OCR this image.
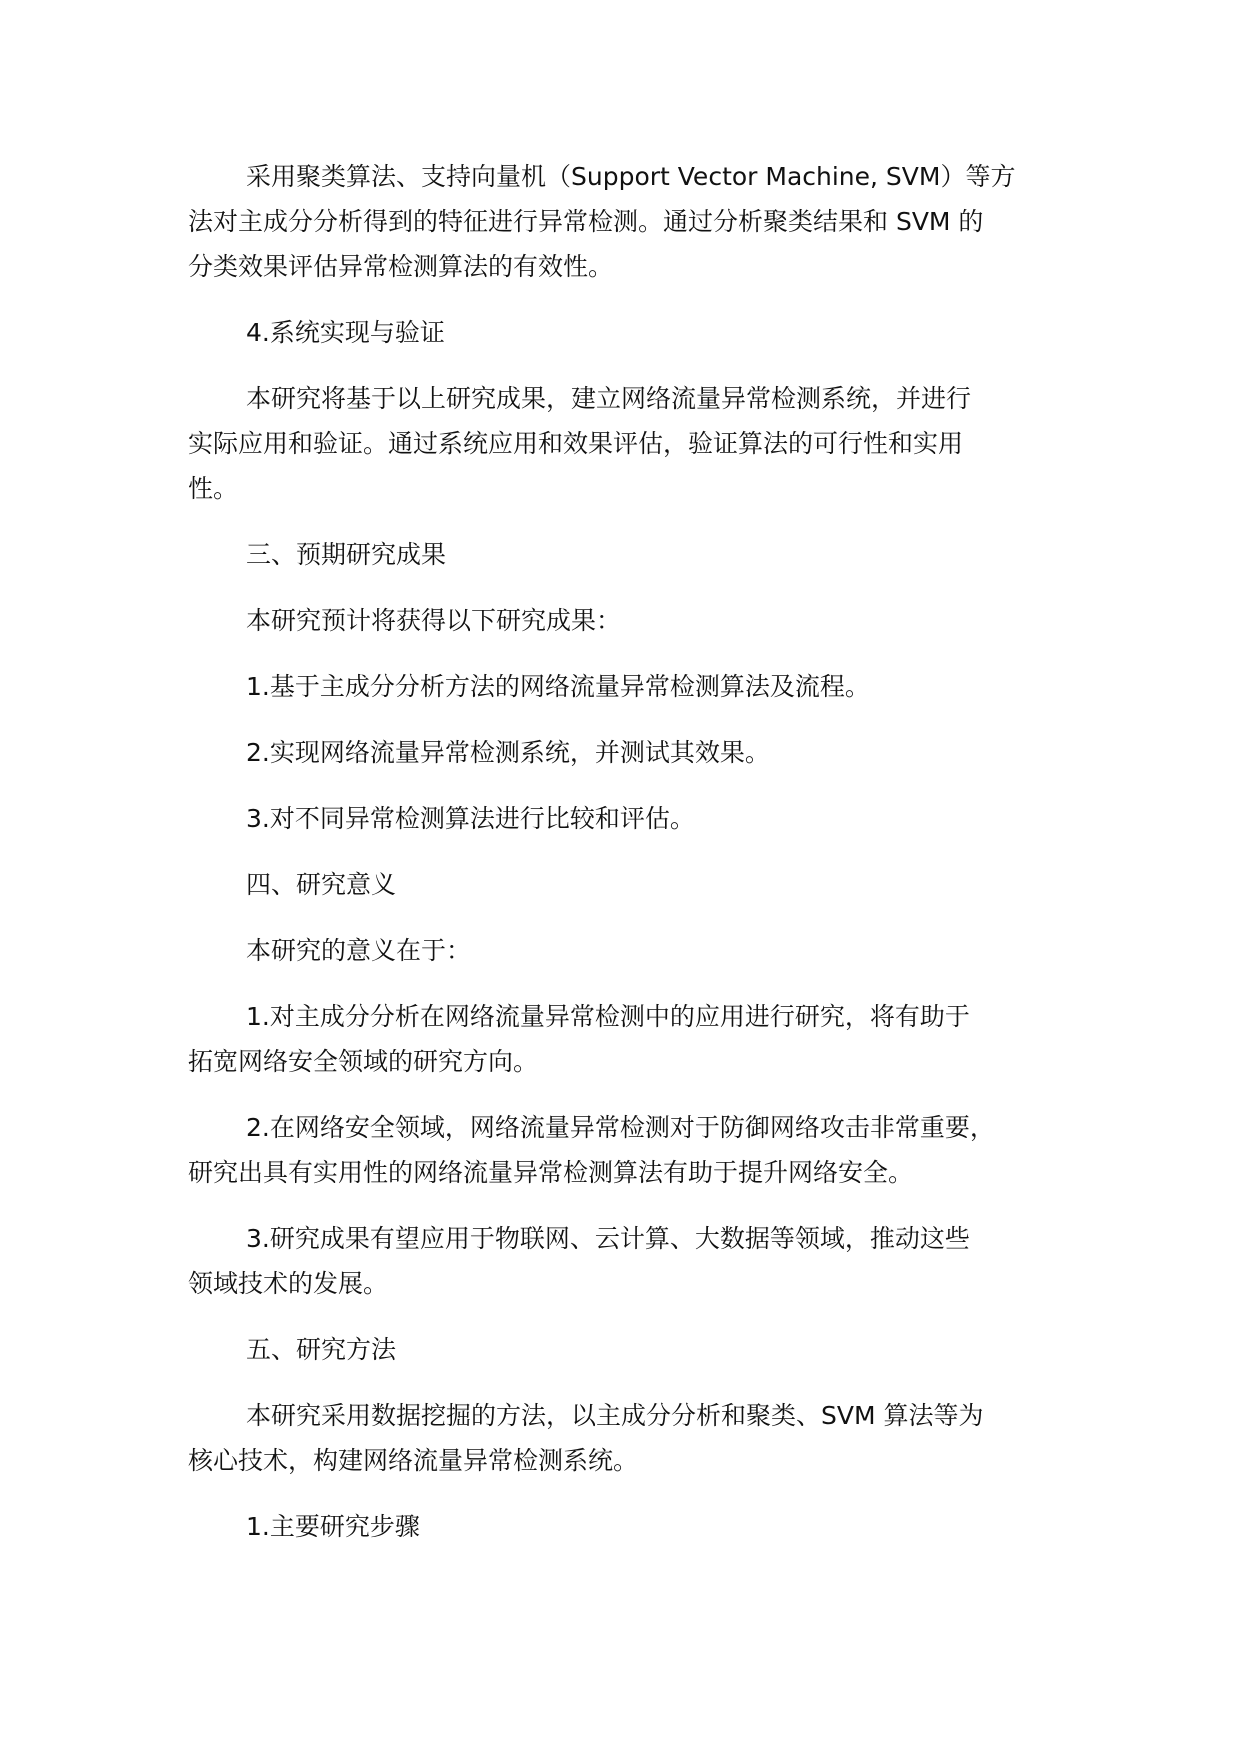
采用聚类算法、支持向量机（Support Vector Machine, SVM）等方
法对主成分分析得到的特征进行异常检测。通过分析聚类结果和 SVM 的
分类效果评估异常检测算法的有效性。

4.系统实现与验证

本研究将基于以上研究成果，建立网络流量异常检测系统，并进行
实际应用和验证。通过系统应用和效果评估，验证算法的可行性和实用
性。

三、预期研究成果

本研究预计将获得以下研究成果：

1.基于主成分分析方法的网络流量异常检测算法及流程。

2.实现网络流量异常检测系统，并测试其效果。

3.对不同异常检测算法进行比较和评估。

四、研究意义

本研究的意义在于：

1.对主成分分析在网络流量异常检测中的应用进行研究，将有助于
拓宽网络安全领域的研究方向。

2.在网络安全领域，网络流量异常检测对于防御网络攻击非常重要，
研究出具有实用性的网络流量异常检测算法有助于提升网络安全。

3.研究成果有望应用于物联网、云计算、大数据等领域，推动这些
领域技术的发展。

五、研究方法

本研究采用数据挖掘的方法，以主成分分析和聚类、SVM 算法等为
核心技术，构建网络流量异常检测系统。

1.主要研究步骤
